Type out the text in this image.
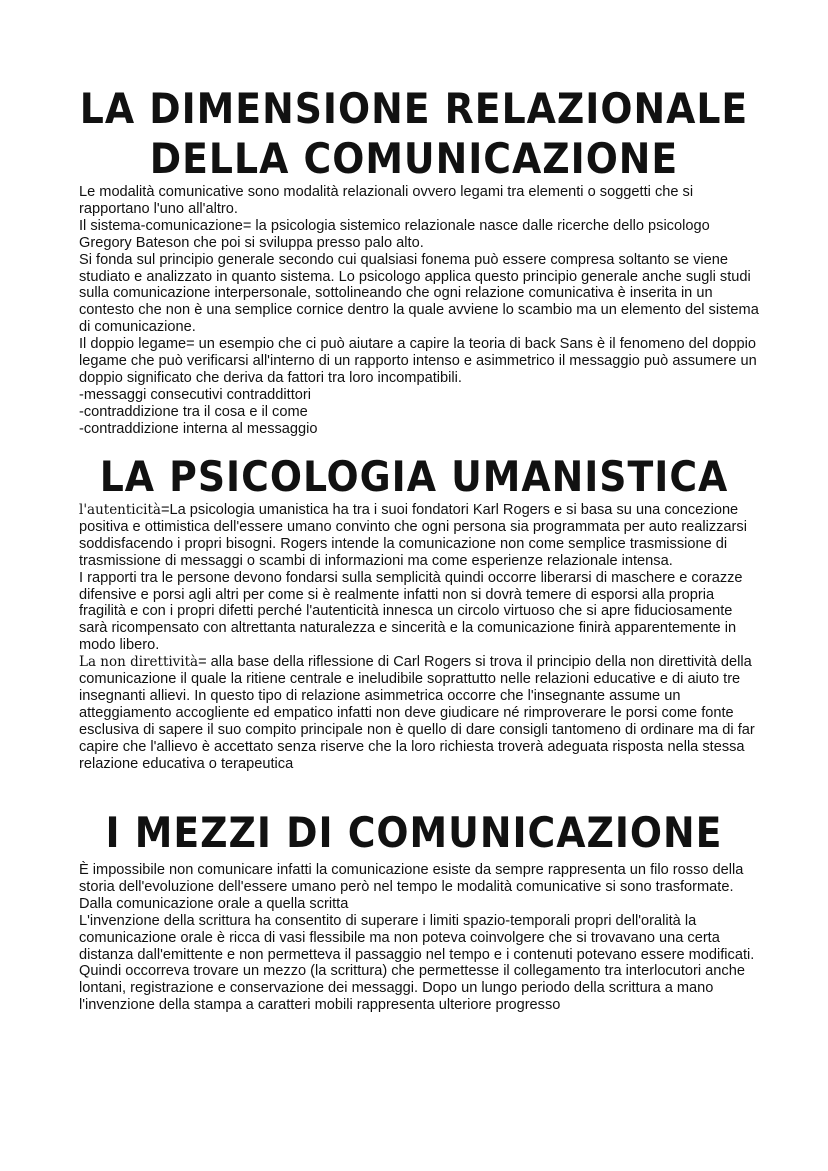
LA DIMENSIONE RELAZIONALE DELLA COMUNICAZIONE

Le modalità comunicative sono modalità relazionali ovvero legami tra elementi o soggetti che si rapportano l'uno all'altro.

Il sistema-comunicazione= la psicologia sistemico relazionale nasce dalle ricerche dello psicologo Gregory Bateson che poi si sviluppa presso palo alto.

Si fonda sul principio generale secondo cui qualsiasi fonema può essere compresa soltanto se viene studiato e analizzato in quanto sistema. Lo psicologo applica questo principio generale anche sugli studi sulla comunicazione interpersonale, sottolineando che ogni relazione comunicativa è inserita in un contesto che non è una semplice cornice dentro la quale avviene lo scambio ma un elemento del sistema di comunicazione.

Il doppio legame= un esempio che ci può aiutare a capire la teoria di back Sans è il fenomeno del doppio legame che può verificarsi all'interno di un rapporto intenso e asimmetrico il messaggio può assumere un doppio significato che deriva da fattori tra loro incompatibili.

-messaggi consecutivi contraddittori

-contraddizione tra il cosa e il come

-contraddizione interna al messaggio

LA PSICOLOGIA UMANISTICA

l'autenticità=La psicologia umanistica ha tra i suoi fondatori Karl Rogers e si basa su una concezione positiva e ottimistica dell'essere umano convinto che ogni persona sia programmata per auto realizzarsi soddisfacendo i propri bisogni. Rogers intende la comunicazione non come semplice trasmissione di trasmissione di messaggi o scambi di informazioni ma come esperienze relazionale intensa.

I rapporti tra le persone devono fondarsi sulla semplicità quindi occorre liberarsi di maschere e corazze difensive e porsi agli altri per come si è realmente infatti non si dovrà temere di esporsi alla propria fragilità e con i propri difetti perché l'autenticità innesca un circolo virtuoso che si apre fiduciosamente sarà ricompensato con altrettanta naturalezza e sincerità e la comunicazione finirà apparentemente in modo libero.

La non direttività= alla base della riflessione di Carl Rogers si trova il principio della non direttività della comunicazione il quale la ritiene centrale e ineludibile soprattutto nelle relazioni educative e di aiuto tre insegnanti allievi. In questo tipo di relazione asimmetrica occorre che l'insegnante assume un atteggiamento accogliente ed empatico infatti non deve giudicare né rimproverare le porsi come fonte esclusiva di sapere il suo compito principale non è quello di dare consigli tantomeno di ordinare ma di far capire che l'allievo è accettato senza riserve che la loro richiesta troverà adeguata risposta nella stessa relazione educativa o terapeutica

I MEZZI DI COMUNICAZIONE

È impossibile non comunicare infatti la comunicazione esiste da sempre rappresenta un filo rosso della storia dell'evoluzione dell'essere umano però nel tempo le modalità comunicative si sono trasformate.

Dalla comunicazione orale a quella scritta

L'invenzione della scrittura ha consentito di superare i limiti spazio-temporali propri dell'oralità la comunicazione orale è ricca di vasi flessibile ma non poteva coinvolgere che si trovavano una certa distanza dall'emittente e non permetteva il passaggio nel tempo e i contenuti potevano essere modificati. Quindi occorreva trovare un mezzo (la scrittura) che permettesse il collegamento tra interlocutori anche lontani, registrazione e conservazione dei messaggi. Dopo un lungo periodo della scrittura a mano l'invenzione della stampa a caratteri mobili rappresenta ulteriore progresso
